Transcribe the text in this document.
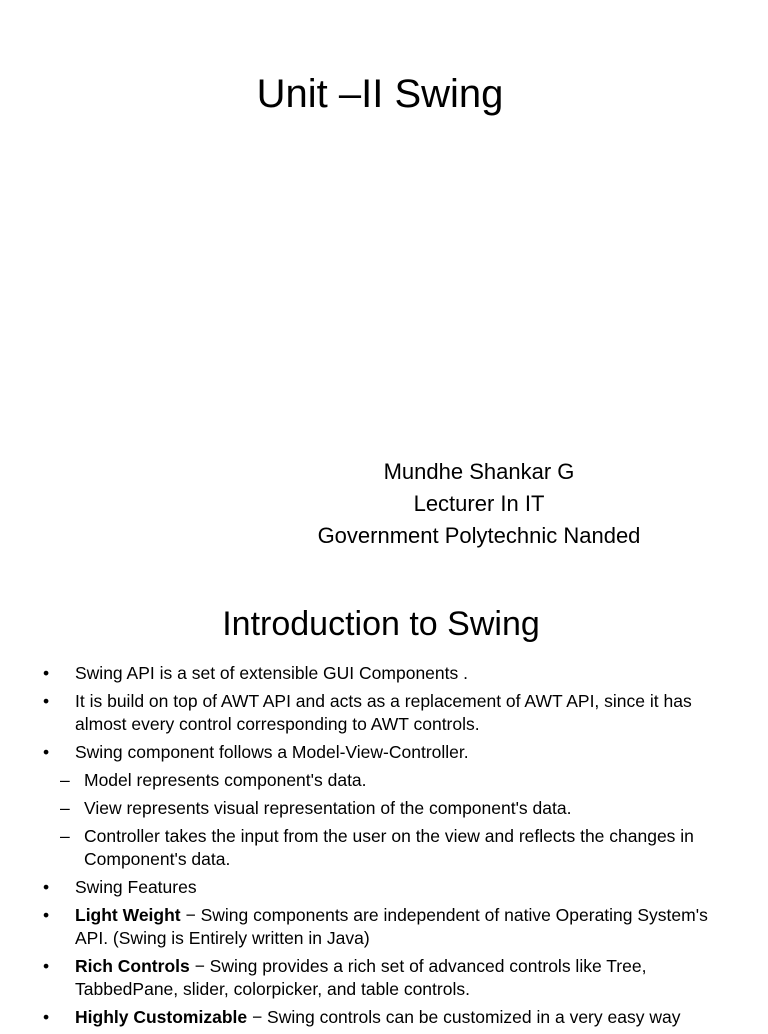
Unit –II Swing
Mundhe Shankar G
Lecturer In IT
Government Polytechnic Nanded
Introduction to Swing
• Swing API is a set of extensible GUI Components .
• It is build on top of AWT API and acts as a replacement of AWT API, since it has almost every control corresponding to AWT controls.
• Swing component follows a Model-View-Controller.
– Model represents component's data.
– View represents visual representation of the component's data.
– Controller takes the input from the user on the view and reflects the changes in Component's data.
• Swing Features
• Light Weight − Swing components are independent of native Operating System's API. (Swing is Entirely written in Java)
• Rich Controls − Swing provides a rich set of advanced controls like Tree, TabbedPane, slider, colorpicker, and table controls.
• Highly Customizable − Swing controls can be customized in a very easy way
